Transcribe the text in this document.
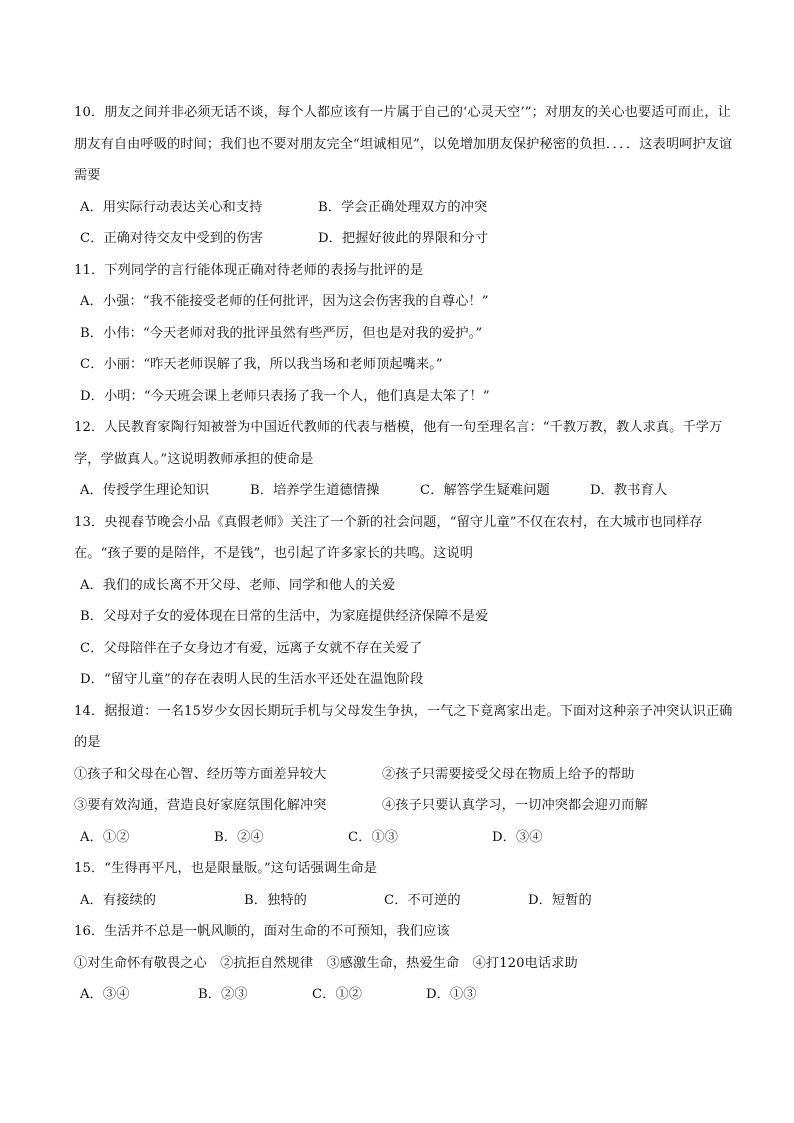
10．朋友之间并非必须无话不谈，每个人都应该有一片属于自己的‘心灵天空’”；对朋友的关心也要适可而止，让朋友有自由呼吸的时间；我们也不要对朋友完全“坦诚相见”，以免增加朋友保护秘密的负担．．．．这表明呵护友谊需要
A．用实际行动表达关心和支持	B．学会正确处理双方的冲突
C．正确对待交友中受到的伤害	D．把握好彼此的界限和分寸
11．下列同学的言行能体现正确对待老师的表扬与批评的是
A．小强：“我不能接受老师的任何批评，因为这会伤害我的自尊心！”
B．小伟：“今天老师对我的批评虽然有些严厉，但也是对我的爱护。”
C．小丽：“昨天老师误解了我，所以我当场和老师顶起嘴来。”
D．小明：“今天班会课上老师只表扬了我一个人，他们真是太笨了！”
12．人民教育家陶行知被誉为中国近代教师的代表与楷模，他有一句至理名言：“千教万教，教人求真。千学万学，学做真人。”这说明教师承担的使命是
A．传授学生理论知识	B．培养学生道德情操	C．解答学生疑难问题	D．教书育人
13．央视春节晚会小品《真假老师》关注了一个新的社会问题，“留守儿童”不仅在农村，在大城市也同样存在。“孩子要的是陪伴，不是钱”，也引起了许多家长的共鸣。这说明
A．我们的成长离不开父母、老师、同学和他人的关爱
B．父母对子女的爱体现在日常的生活中，为家庭提供经济保障不是爱
C．父母陪伴在子女身边才有爱，远离子女就不存在关爱了
D．“留守儿童”的存在表明人民的生活水平还处在温饱阶段
14．据报道：一名15岁少女因长期玩手机与父母发生争执，一气之下竟离家出走。下面对这种亲子冲突认识正确的是
①孩子和父母在心智、经历等方面差异较大	②孩子只需要接受父母在物质上给予的帮助
③要有效沟通，营造良好家庭氛围化解冲突	④孩子只要认真学习，一切冲突都会迎刃而解
A．①②	B．②④	C．①③	D．③④
15．“生得再平凡，也是限量版。”这句话强调生命是
A．有接续的	B．独特的	C．不可逆的	D．短暂的
16．生活并不总是一帆风顺的，面对生命的不可预知，我们应该
①对生命怀有敬畏之心　②抗拒自然规律　③感激生命，热爱生命　④打120电话求助
A．③④	B．②③	C．①②	D．①③
